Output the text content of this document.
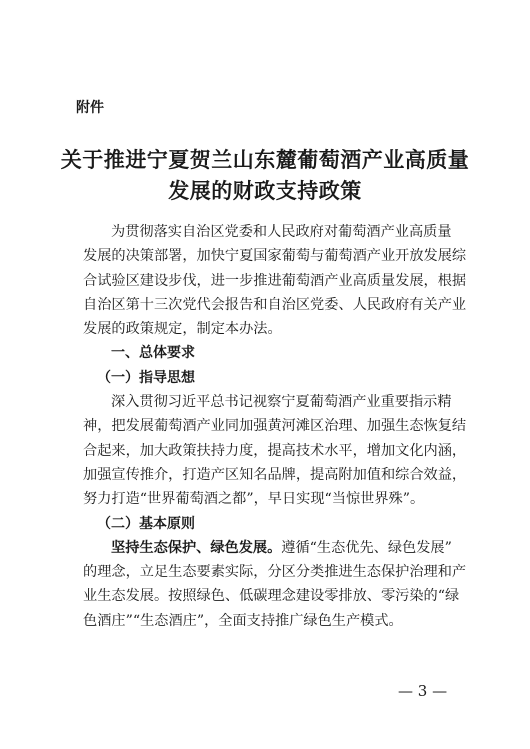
附件
关于推进宁夏贺兰山东麓葡萄酒产业高质量
发展的财政支持政策
为贯彻落实自治区党委和人民政府对葡萄酒产业高质量
发展的决策部署，加快宁夏国家葡萄与葡萄酒产业开放发展综
合试验区建设步伐，进一步推进葡萄酒产业高质量发展，根据
自治区第十三次党代会报告和自治区党委、人民政府有关产业
发展的政策规定，制定本办法。
一、总体要求
（一）指导思想
深入贯彻习近平总书记视察宁夏葡萄酒产业重要指示精
神，把发展葡萄酒产业同加强黄河滩区治理、加强生态恢复结
合起来，加大政策扶持力度，提高技术水平，增加文化内涵，
加强宣传推介，打造产区知名品牌，提高附加值和综合效益，
努力打造“世界葡萄酒之都”，早日实现“当惊世界殊”。
（二）基本原则
坚持生态保护、绿色发展。遵循“生态优先、绿色发展”
的理念，立足生态要素实际，分区分类推进生态保护治理和产
业生态发展。按照绿色、低碳理念建设零排放、零污染的“绿
色酒庄”“生态酒庄”，全面支持推广绿色生产模式。
— 3 —
